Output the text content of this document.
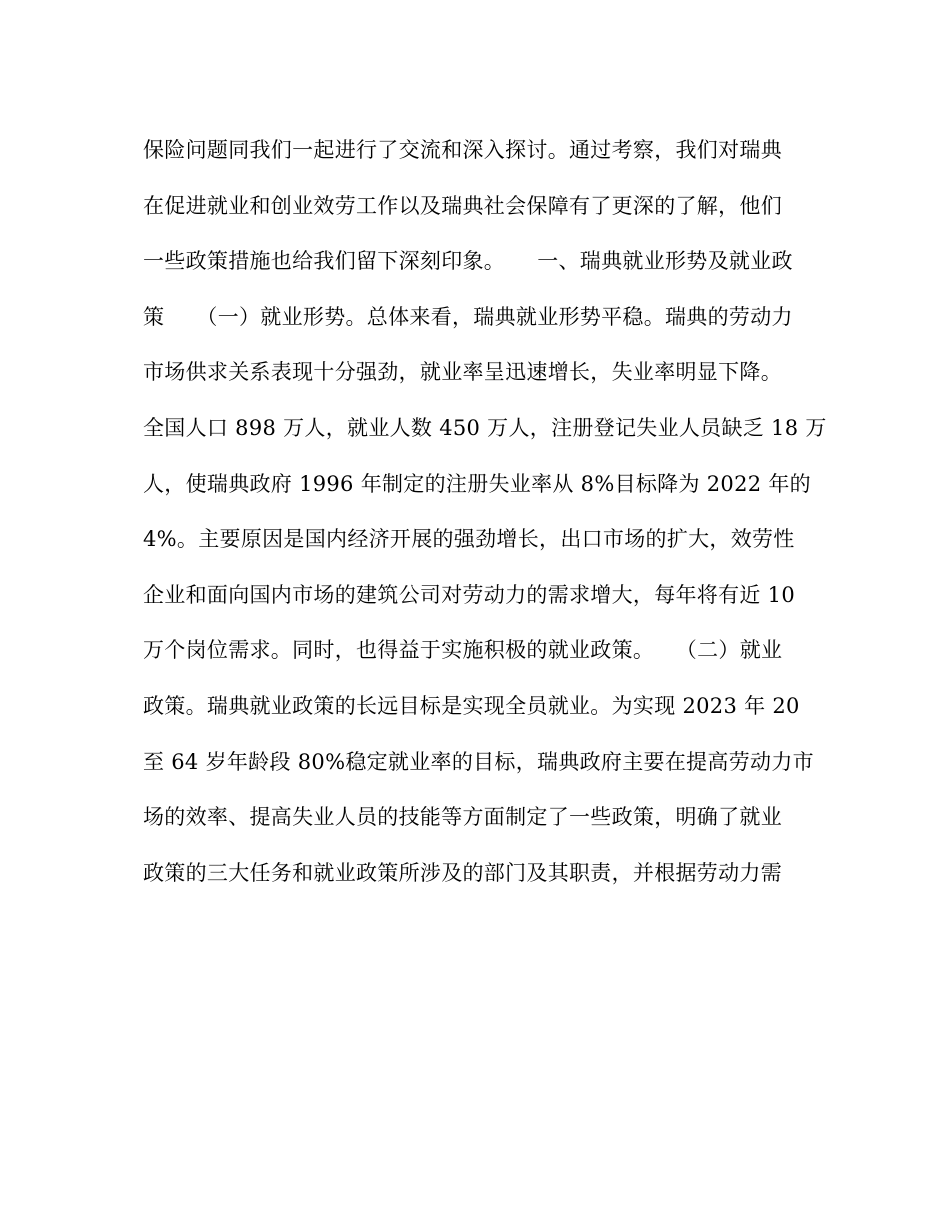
保险问题同我们一起进行了交流和深入探讨。通过考察，我们对瑞典
在促进就业和创业效劳工作以及瑞典社会保障有了更深的了解，他们
一些政策措施也给我们留下深刻印象。　　一、瑞典就业形势及就业政
策　　（一）就业形势。总体来看，瑞典就业形势平稳。瑞典的劳动力
市场供求关系表现十分强劲，就业率呈迅速增长，失业率明显下降。
全国人口 898 万人，就业人数 450 万人，注册登记失业人员缺乏 18 万
人，使瑞典政府 1996 年制定的注册失业率从 8%目标降为 2022 年的
4%。主要原因是国内经济开展的强劲增长，出口市场的扩大，效劳性
企业和面向国内市场的建筑公司对劳动力的需求增大，每年将有近 10
万个岗位需求。同时，也得益于实施积极的就业政策。　　（二）就业
政策。瑞典就业政策的长远目标是实现全员就业。为实现 2023 年 20
至 64 岁年龄段 80%稳定就业率的目标，瑞典政府主要在提高劳动力市
场的效率、提高失业人员的技能等方面制定了一些政策，明确了就业
政策的三大任务和就业政策所涉及的部门及其职责，并根据劳动力需
